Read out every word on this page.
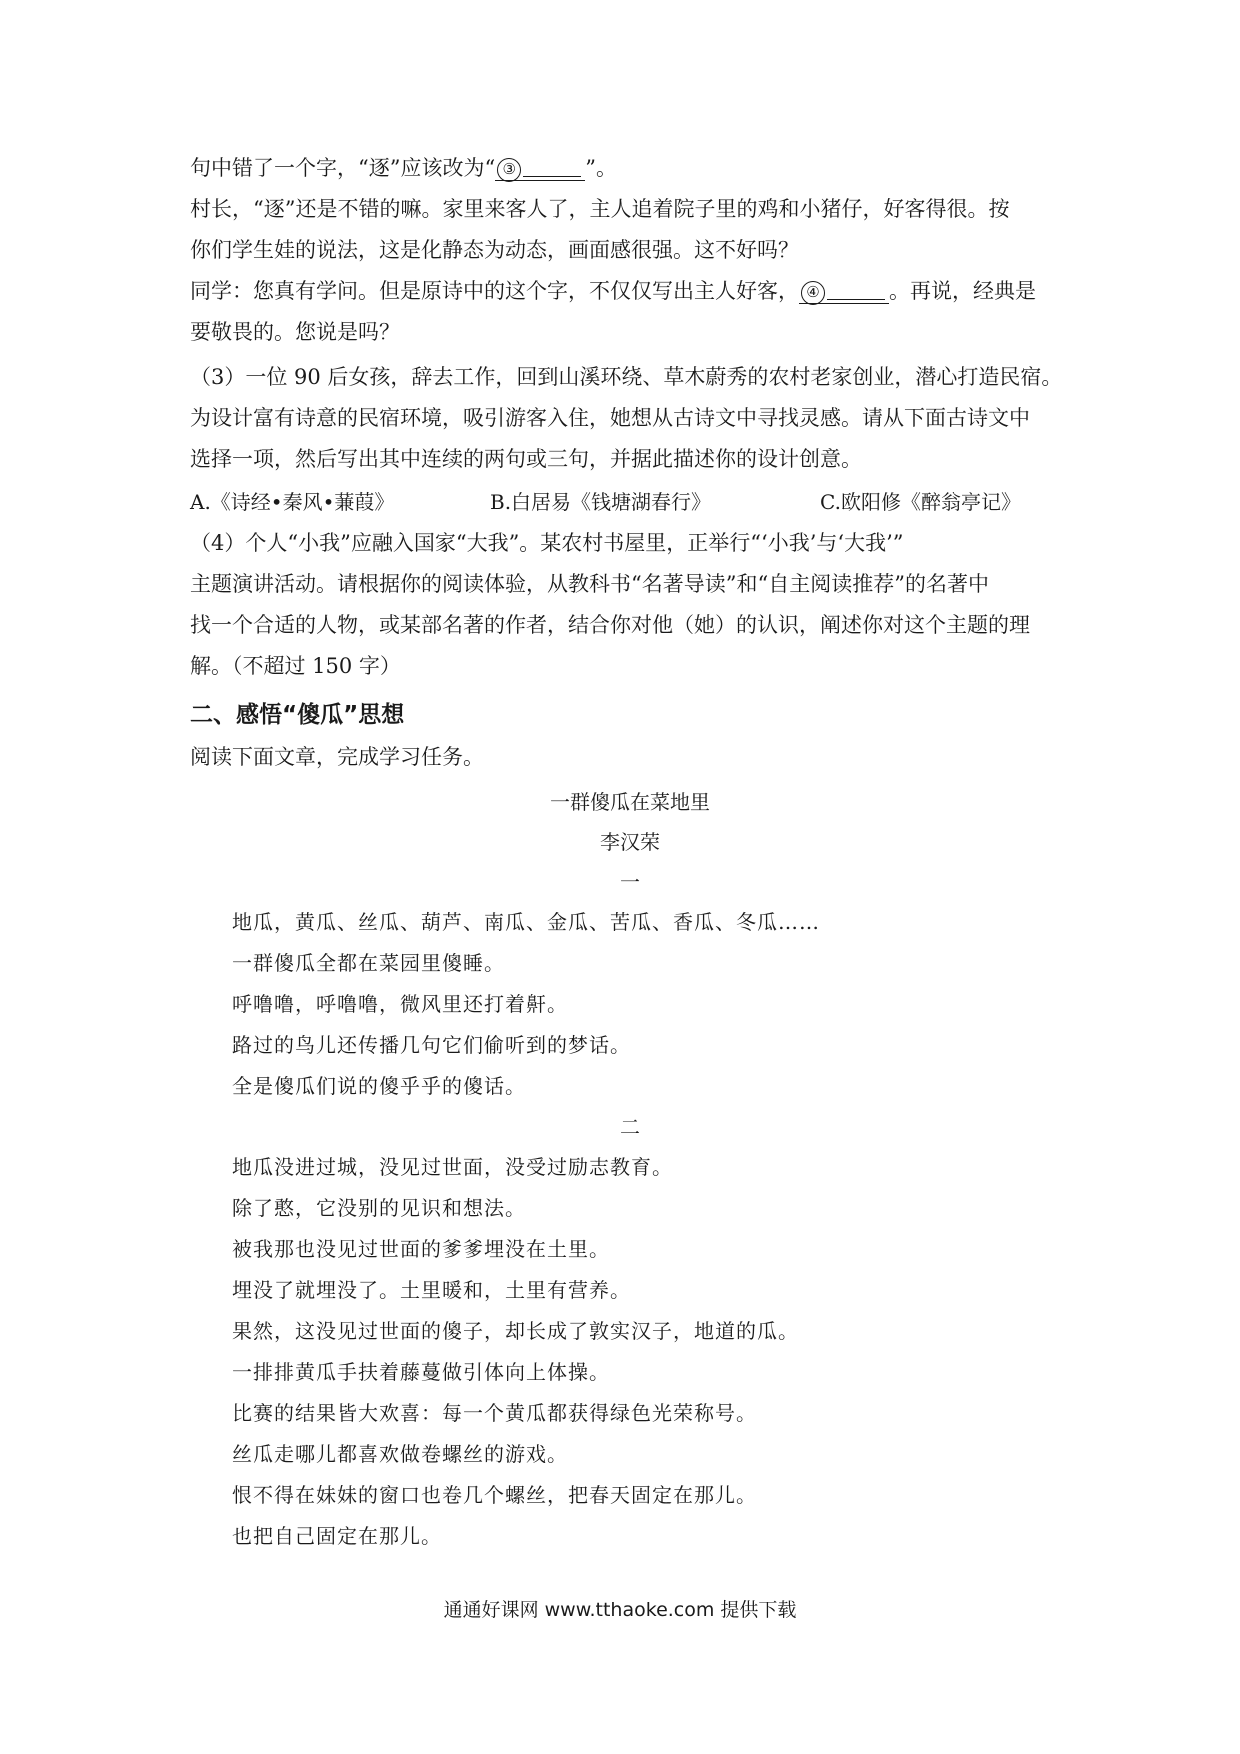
句中错了一个字，“逐”应该改为“ ③	”。

村长，“逐”还是不错的嘛。家里来客人了，主人追着院子里的鸡和小猪仔，好客得很。按

你们学生娃的说法，这是化静态为动态，画面感很强。这不好吗？

同学：您真有学问。但是原诗中的这个字，不仅仅写出主人好客， ④	。再说，经典是

要敬畏的。您说是吗？

（3）一位 90 后女孩，辞去工作，回到山溪环绕、草木蔚秀的农村老家创业，潜心打造民宿。

为设计富有诗意的民宿环境，吸引游客入住，她想从古诗文中寻找灵感。请从下面古诗文中

选择一项，然后写出其中连续的两句或三句，并据此描述你的设计创意。

A.《诗经•秦风•蒹葭》	B.白居易《钱塘湖春行》	C.欧阳修《醉翁亭记》

（4）个人“小我”应融入国家“大我”。某农村书屋里，正举行“‘小我’与‘大我’”

主题演讲活动。请根据你的阅读体验，从教科书“名著导读”和“自主阅读推荐”的名著中

找一个合适的人物，或某部名著的作者，结合你对他（她）的认识，阐述你对这个主题的理

解。（不超过 150 字）

二、感悟“傻瓜”思想

阅读下面文章，完成学习任务。

一群傻瓜在菜地里
李汉荣
一

地瓜，黄瓜、丝瓜、葫芦、南瓜、金瓜、苦瓜、香瓜、冬瓜……

一群傻瓜全都在菜园里傻睡。

呼噜噜，呼噜噜，微风里还打着鼾。

路过的鸟儿还传播几句它们偷听到的梦话。

全是傻瓜们说的傻乎乎的傻话。

二

地瓜没进过城，没见过世面，没受过励志教育。

除了憨，它没别的见识和想法。

被我那也没见过世面的爹爹埋没在土里。

埋没了就埋没了。土里暖和，土里有营养。

果然，这没见过世面的傻子，却长成了敦实汉子，地道的瓜。

一排排黄瓜手扶着藤蔓做引体向上体操。

比赛的结果皆大欢喜：每一个黄瓜都获得绿色光荣称号。

丝瓜走哪儿都喜欢做卷螺丝的游戏。

恨不得在妹妹的窗口也卷几个螺丝，把春天固定在那儿。

也把自己固定在那儿。

通通好课网 www.tthaoke.com 提供下载
